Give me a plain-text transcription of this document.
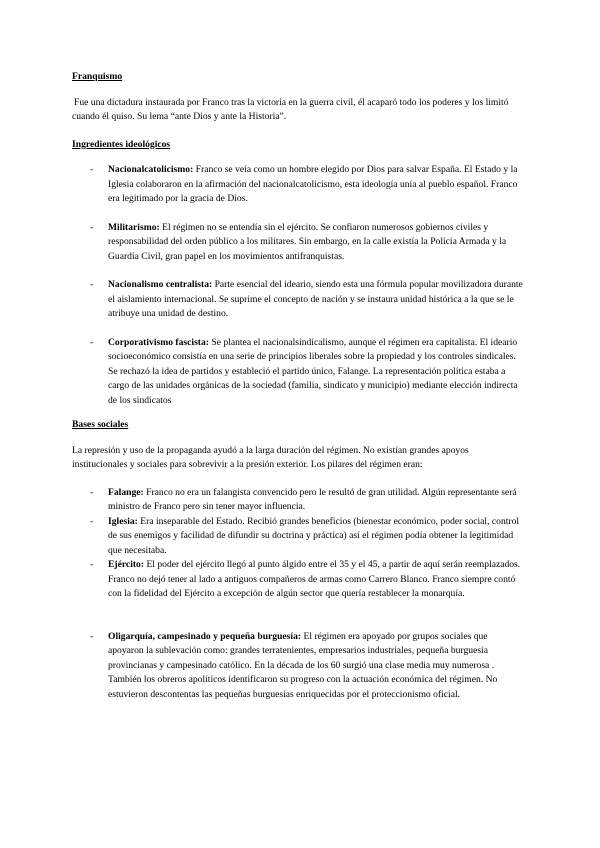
Franquismo

Fue una dictadura instaurada por Franco tras la victoria en la guerra civil, él acaparó todo los poderes y los limitó cuando él quiso. Su lema “ante Dios y ante la Historia”.

Ingredientes ideológicos
- Nacionalcatolicismo: Franco se veía como un hombre elegido por Dios para salvar España. El Estado y la Iglesia colaboraron en la afirmación del nacionalcatolicismo, esta ideología unía al pueblo español. Franco era legitimado por la gracia de Dios.
- Militarismo: El régimen no se entendía sin el ejército. Se confiaron numerosos gobiernos civiles y responsabilidad del orden público a los militares. Sin embargo, en la calle existía la Policía Armada y la Guardia Civil, gran papel en los movimientos antifranquistas.
- Nacionalismo centralista: Parte esencial del ideario, siendo esta una fórmula popular movilizadora durante el aislamiento internacional. Se suprime el concepto de nación y se instaura unidad histórica a la que se le atribuye una unidad de destino.
- Corporativismo fascista: Se plantea el nacionalsindicalismo, aunque el régimen era capitalista. El ideario socioeconómico consistía en una serie de principios liberales sobre la propiedad y los controles sindicales. Se rechazó la idea de partidos y estableció el partido único, Falange. La representación política estaba a cargo de las unidades orgánicas de la sociedad (familia, sindicato y municipio) mediante elección indirecta de los sindicatos
Bases sociales

La represión y uso de la propaganda ayudó a la larga duración del régimen. No existían grandes apoyos institucionales y sociales para sobrevivir a la presión exterior. Los pilares del régimen eran:

- Falange: Franco no era un falangista convencido pero le resultó de gran utilidad. Algún representante será ministro de Franco pero sin tener mayor influencia.
- Iglesia: Era inseparable del Estado. Recibió grandes beneficios (bienestar económico, poder social, control de sus enemigos y facilidad de difundir su doctrina y práctica) así el régimen podía obtener la legitimidad que necesitaba.
- Ejército: El poder del ejército llegó al punto álgido entre el 35 y el 45, a partir de aquí serán reemplazados. Franco no dejó tener al lado a antiguos compañeros de armas como Carrero Blanco. Franco siempre contó con la fidelidad del Ejército a excepción de algún sector que quería restablecer la monarquía.
- Oligarquía, campesinado y pequeña burguesía: El régimen era apoyado por grupos sociales que apoyaron la sublevación como: grandes terratenientes, empresarios industriales, pequeña burguesía provincianas y campesinado católico. En la década de los 60 surgió una clase media muy numerosa . También los obreros apolíticos identificaron su progreso con la actuación económica del régimen. No estuvieron descontentas las pequeñas burguesías enriquecidas por el proteccionismo oficial.
